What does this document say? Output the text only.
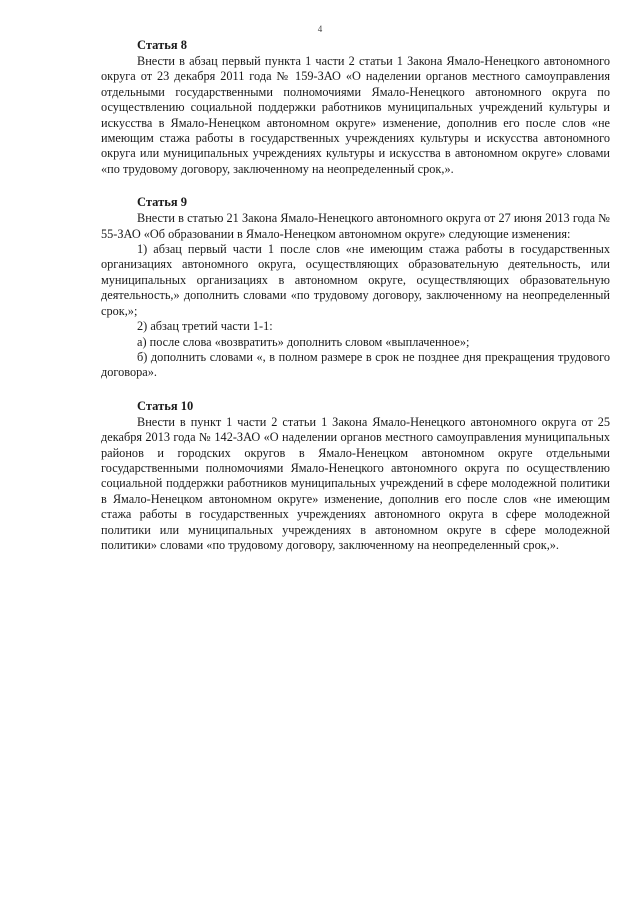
4
Статья 8

Внести в абзац первый пункта 1 части 2 статьи 1 Закона Ямало-Ненецкого автономного округа от 23 декабря 2011 года № 159-ЗАО «О наделении органов местного самоуправления отдельными государственными полномочиями Ямало-Ненецкого автономного округа по осуществлению социальной поддержки работников муниципальных учреждений культуры и искусства в Ямало-Ненецком автономном округе» изменение, дополнив его после слов «не имеющим стажа работы в государственных учреждениях культуры и искусства автономного округа или муниципальных учреждениях культуры и искусства в автономном округе» словами «по трудовому договору, заключенному на неопределенный срок,».

Статья 9

Внести в статью 21 Закона Ямало-Ненецкого автономного округа от 27 июня 2013 года № 55-ЗАО «Об образовании в Ямало-Ненецком автономном округе» следующие изменения:

1) абзац первый части 1 после слов «не имеющим стажа работы в государственных организациях автономного округа, осуществляющих образовательную деятельность, или муниципальных организациях в автономном округе, осуществляющих образовательную деятельность,» дополнить словами «по трудовому договору, заключенному на неопределенный срок,»;

2) абзац третий части 1-1:

а) после слова «возвратить» дополнить словом «выплаченное»;

б) дополнить словами «, в полном размере в срок не позднее дня прекращения трудового договора».

Статья 10

Внести в пункт 1 части 2 статьи 1 Закона Ямало-Ненецкого автономного округа от 25 декабря 2013 года № 142-ЗАО «О наделении органов местного самоуправления муниципальных районов и городских округов в Ямало-Ненецком автономном округе отдельными государственными полномочиями Ямало-Ненецкого автономного округа по осуществлению социальной поддержки работников муниципальных учреждений в сфере молодежной политики в Ямало-Ненецком автономном округе» изменение, дополнив его после слов «не имеющим стажа работы в государственных учреждениях автономного округа в сфере молодежной политики или муниципальных учреждениях в автономном округе в сфере молодежной политики» словами «по трудовому договору, заключенному на неопределенный срок,».
